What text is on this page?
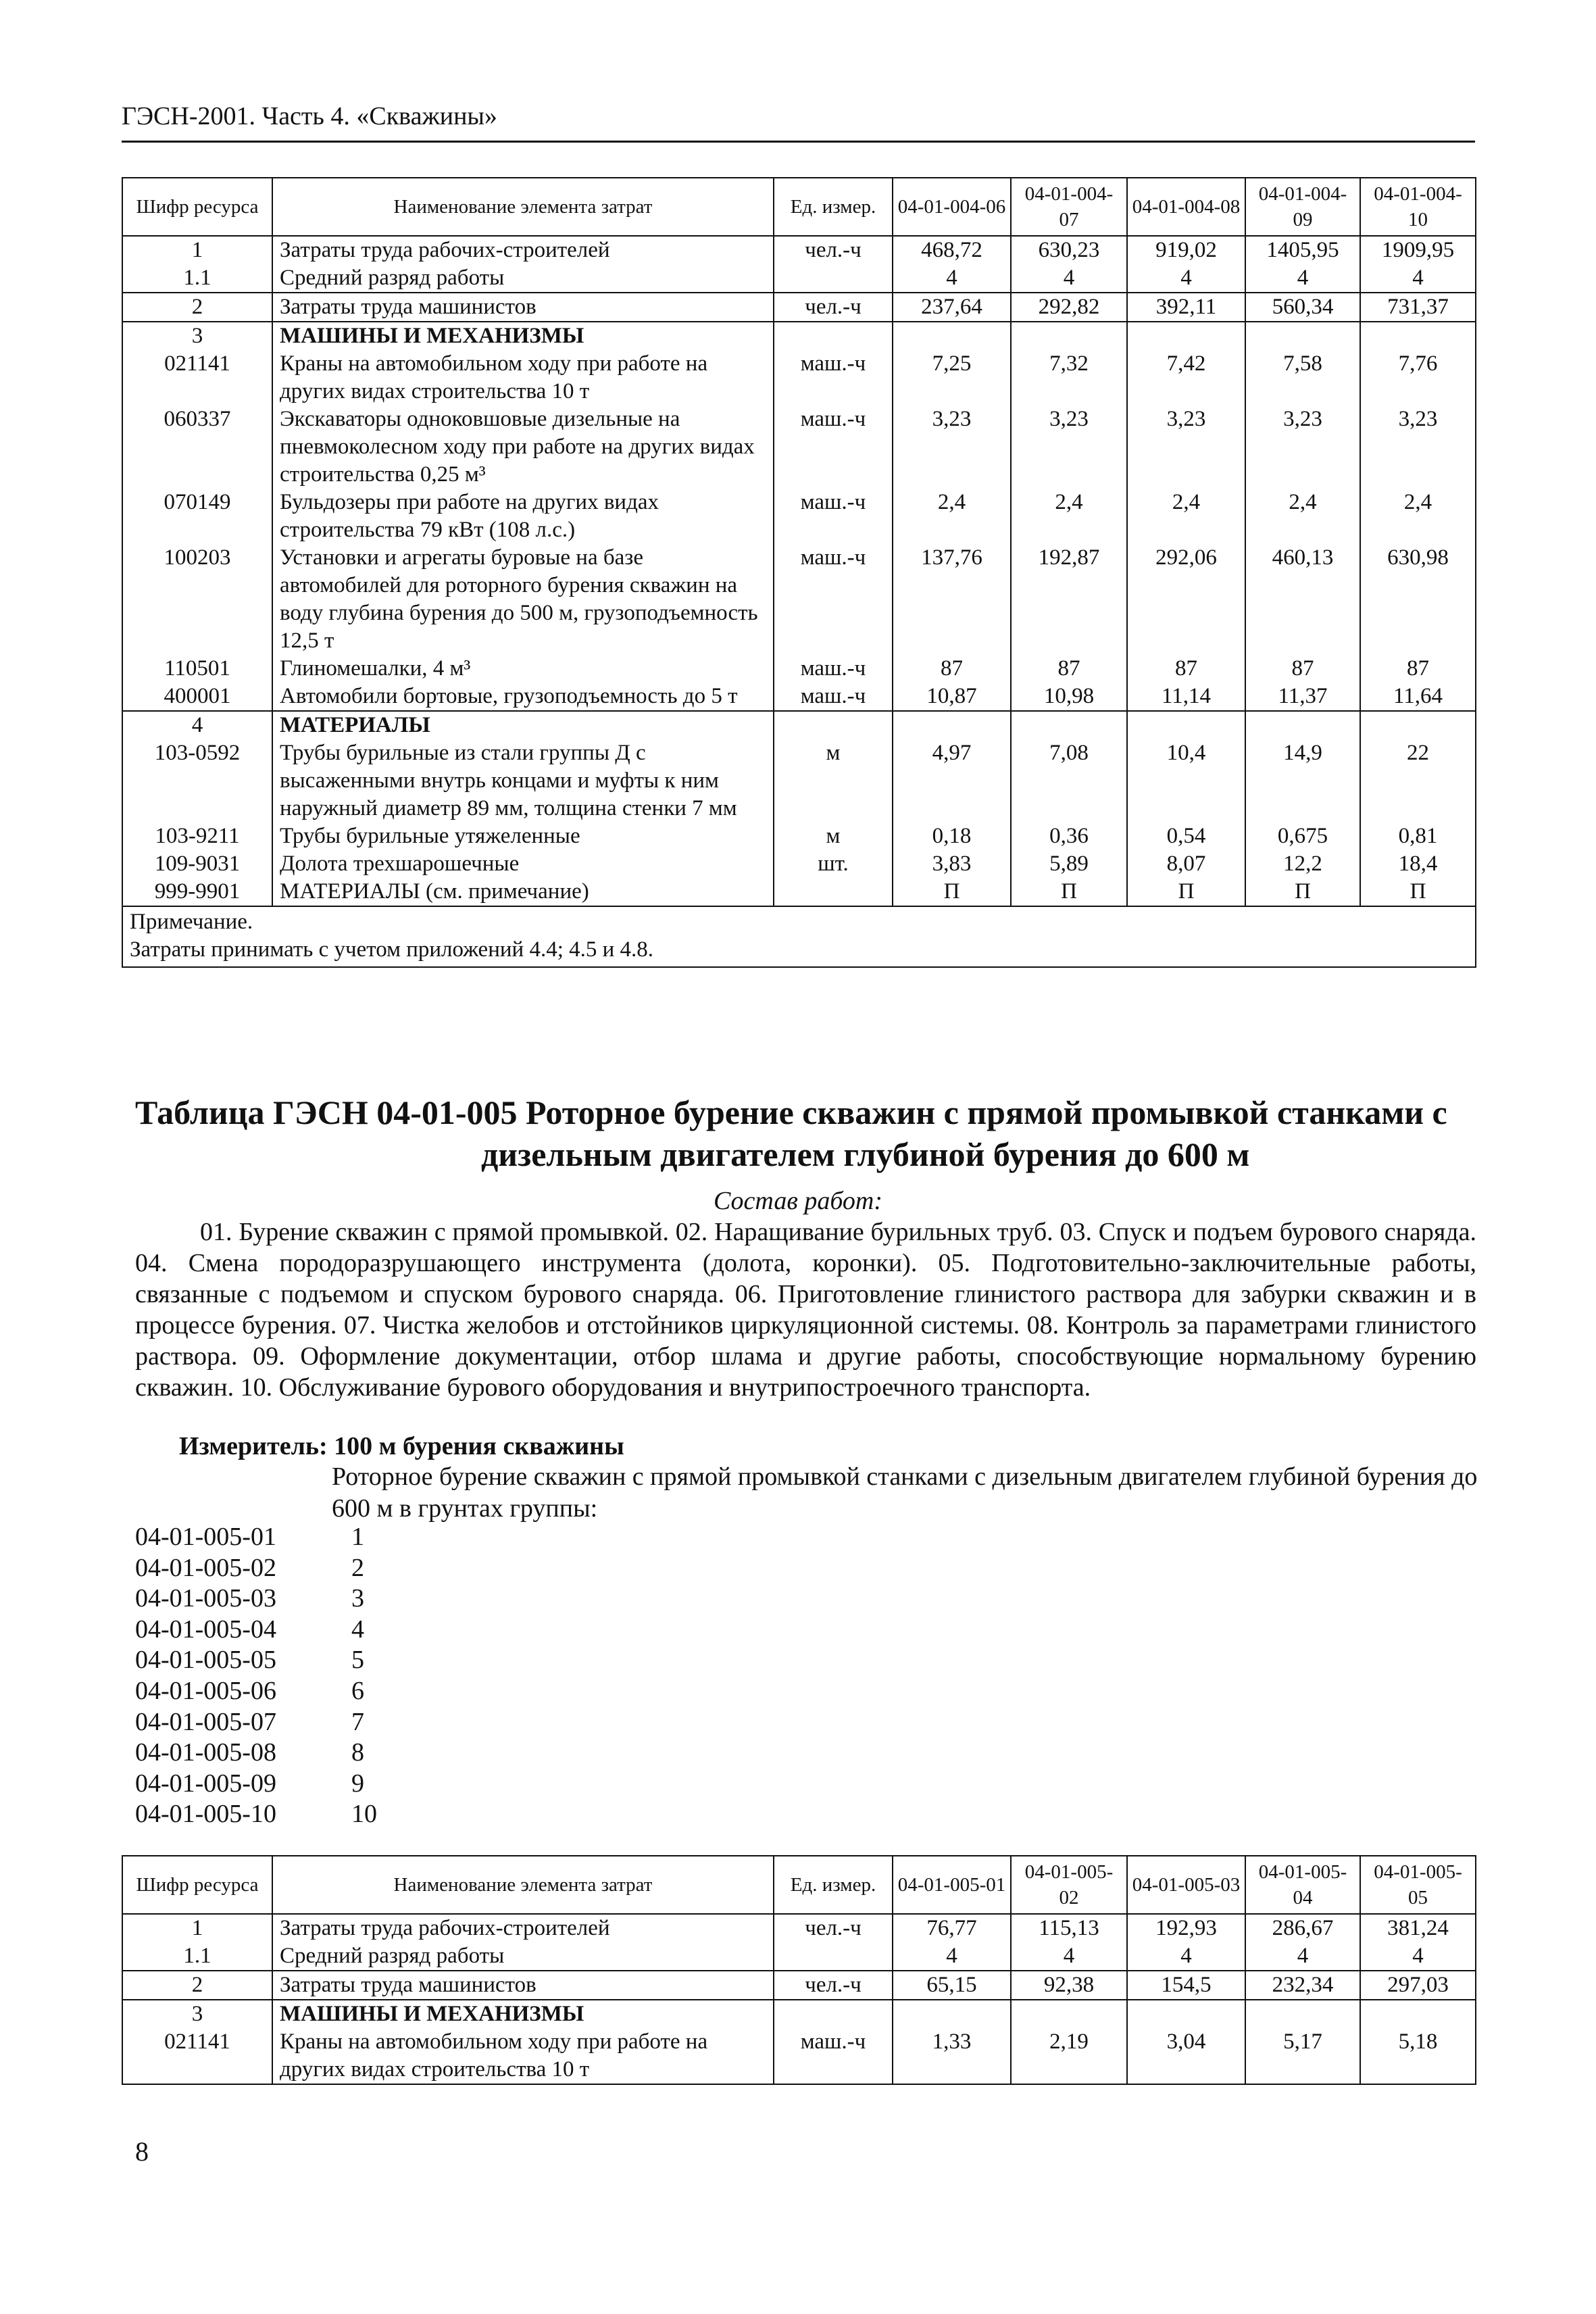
ГЭСН-2001. Часть 4. «Скважины»
Шифр ресурса	Наименование элемента затрат	Ед. измер.	04-01-004-06	04-01-004-07	04-01-004-08	04-01-004-09	04-01-004-10
1	Затраты труда рабочих-строителей	чел.-ч	468,72	630,23	919,02	1405,95	1909,95
1.1	Средний разряд работы		4	4	4	4	4
2	Затраты труда машинистов	чел.-ч	237,64	292,82	392,11	560,34	731,37
3	МАШИНЫ И МЕХАНИЗМЫ						
021141	Краны на автомобильном ходу при работе на других видах строительства 10 т	маш.-ч	7,25	7,32	7,42	7,58	7,76
060337	Экскаваторы одноковшовые дизельные на пневмоколесном ходу при работе на других видах строительства 0,25 м³	маш.-ч	3,23	3,23	3,23	3,23	3,23
070149	Бульдозеры при работе на других видах строительства 79 кВт (108 л.с.)	маш.-ч	2,4	2,4	2,4	2,4	2,4
100203	Установки и агрегаты буровые на базе автомобилей для роторного бурения скважин на воду глубина бурения до 500 м, грузоподъемность 12,5 т	маш.-ч	137,76	192,87	292,06	460,13	630,98
110501	Глиномешалки, 4 м³	маш.-ч	87	87	87	87	87
400001	Автомобили бортовые, грузоподъемность до 5 т	маш.-ч	10,87	10,98	11,14	11,37	11,64
4	МАТЕРИАЛЫ						
103-0592	Трубы бурильные из стали группы Д с высаженными внутрь концами и муфты к ним наружный диаметр 89 мм, толщина стенки 7 мм	м	4,97	7,08	10,4	14,9	22
103-9211	Трубы бурильные утяжеленные	м	0,18	0,36	0,54	0,675	0,81
109-9031	Долота трехшарошечные	шт.	3,83	5,89	8,07	12,2	18,4
999-9901	МАТЕРИАЛЫ (см. примечание)		П	П	П	П	П

Примечание.
Затраты принимать с учетом приложений 4.4; 4.5 и 4.8.							
Таблица ГЭСН 04-01-005 Роторное бурение скважин с прямой промывкой станками с
дизельным двигателем глубиной бурения до 600 м
Состав работ:

01. Бурение скважин с прямой промывкой. 02. Наращивание бурильных труб. 03. Спуск и подъем бурового снаряда. 04. Смена породоразрушающего инструмента (долота, коронки). 05. Подготовительно-заключительные работы, связанные с подъемом и спуском бурового снаряда. 06. Приготовление глинистого раствора для забурки скважин и в процессе бурения. 07. Чистка желобов и отстойников циркуляционной системы. 08. Контроль за параметрами глинистого раствора. 09. Оформление документации, отбор шлама и другие работы, способствующие нормальному бурению скважин. 10. Обслуживание бурового оборудования и внутрипостроечного транспорта.

Измеритель: 100 м бурения скважины

Роторное бурение скважин с прямой промывкой станками с дизельным двигателем глубиной бурения до 600 м в грунтах группы:

04-01-005-01	1
04-01-005-02	2
04-01-005-03	3
04-01-005-04	4
04-01-005-05	5
04-01-005-06	6
04-01-005-07	7
04-01-005-08	8
04-01-005-09	9
04-01-005-10	10
Шифр ресурса	Наименование элемента затрат	Ед. измер.	04-01-005-01	04-01-005-02	04-01-005-03	04-01-005-04	04-01-005-05
1	Затраты труда рабочих-строителей	чел.-ч	76,77	115,13	192,93	286,67	381,24
1.1	Средний разряд работы		4	4	4	4	4
2	Затраты труда машинистов	чел.-ч	65,15	92,38	154,5	232,34	297,03
3	МАШИНЫ И МЕХАНИЗМЫ						
021141	Краны на автомобильном ходу при работе на других видах строительства 10 т	маш.-ч	1,33	2,19	3,04	5,17	5,18
8
